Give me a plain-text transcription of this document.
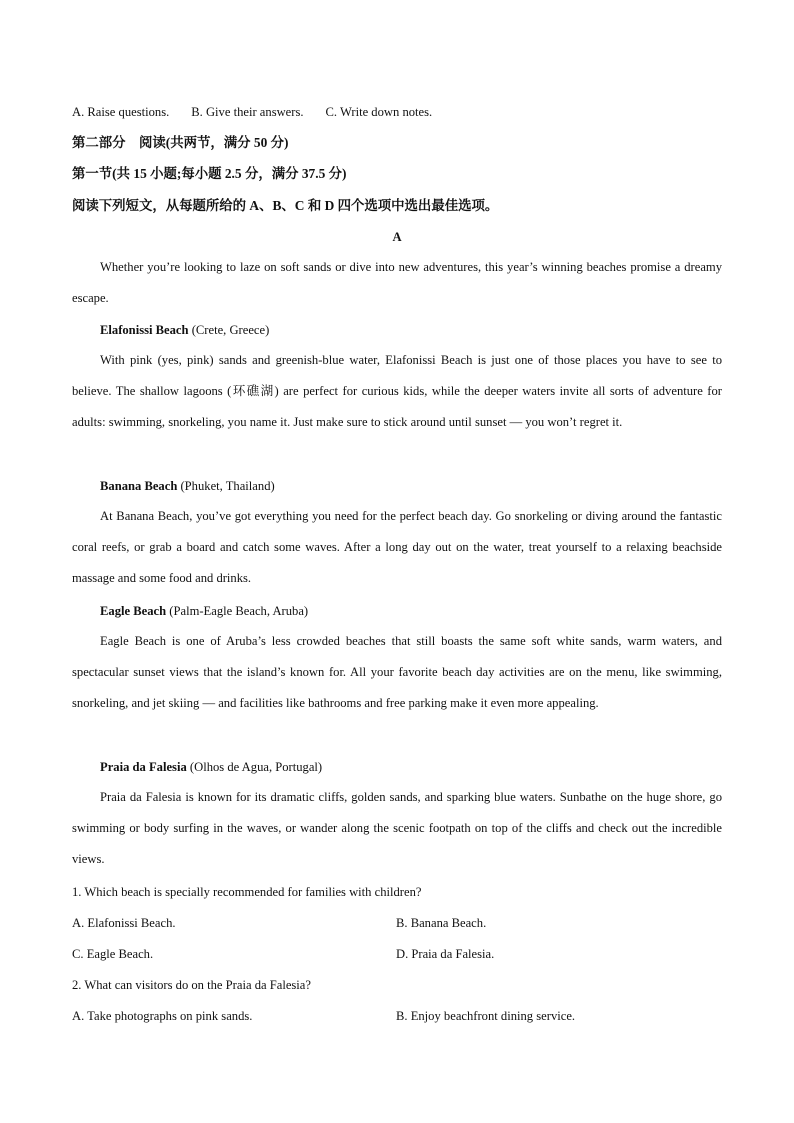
A. Raise questions. B. Give their answers. C. Write down notes.
第二部分　阅读(共两节，满分 50 分)
第一节(共 15 小题;每小题 2.5 分，满分 37.5 分)
阅读下列短文，从每题所给的 A、B、C 和 D 四个选项中选出最佳选项。
A
Whether you’re looking to laze on soft sands or dive into new adventures, this year’s winning beaches promise a dreamy escape.
Elafonissi Beach (Crete, Greece)
With pink (yes, pink) sands and greenish-blue water, Elafonissi Beach is just one of those places you have to see to believe. The shallow lagoons (环礁湖) are perfect for curious kids, while the deeper waters invite all sorts of adventure for adults: swimming, snorkeling, you name it. Just make sure to stick around until sunset — you won’t regret it.
Banana Beach (Phuket, Thailand)
At Banana Beach, you’ve got everything you need for the perfect beach day. Go snorkeling or diving around the fantastic coral reefs, or grab a board and catch some waves. After a long day out on the water, treat yourself to a relaxing beachside massage and some food and drinks.
Eagle Beach (Palm-Eagle Beach, Aruba)
Eagle Beach is one of Aruba’s less crowded beaches that still boasts the same soft white sands, warm waters, and spectacular sunset views that the island’s known for. All your favorite beach day activities are on the menu, like swimming, snorkeling, and jet skiing — and facilities like bathrooms and free parking make it even more appealing.
Praia da Falesia (Olhos de Agua, Portugal)
Praia da Falesia is known for its dramatic cliffs, golden sands, and sparking blue waters. Sunbathe on the huge shore, go swimming or body surfing in the waves, or wander along the scenic footpath on top of the cliffs and check out the incredible views.
1. Which beach is specially recommended for families with children?
A. Elafonissi Beach.	B. Banana Beach.
C. Eagle Beach.	D. Praia da Falesia.
2. What can visitors do on the Praia da Falesia?
A. Take photographs on pink sands.	B. Enjoy beachfront dining service.
